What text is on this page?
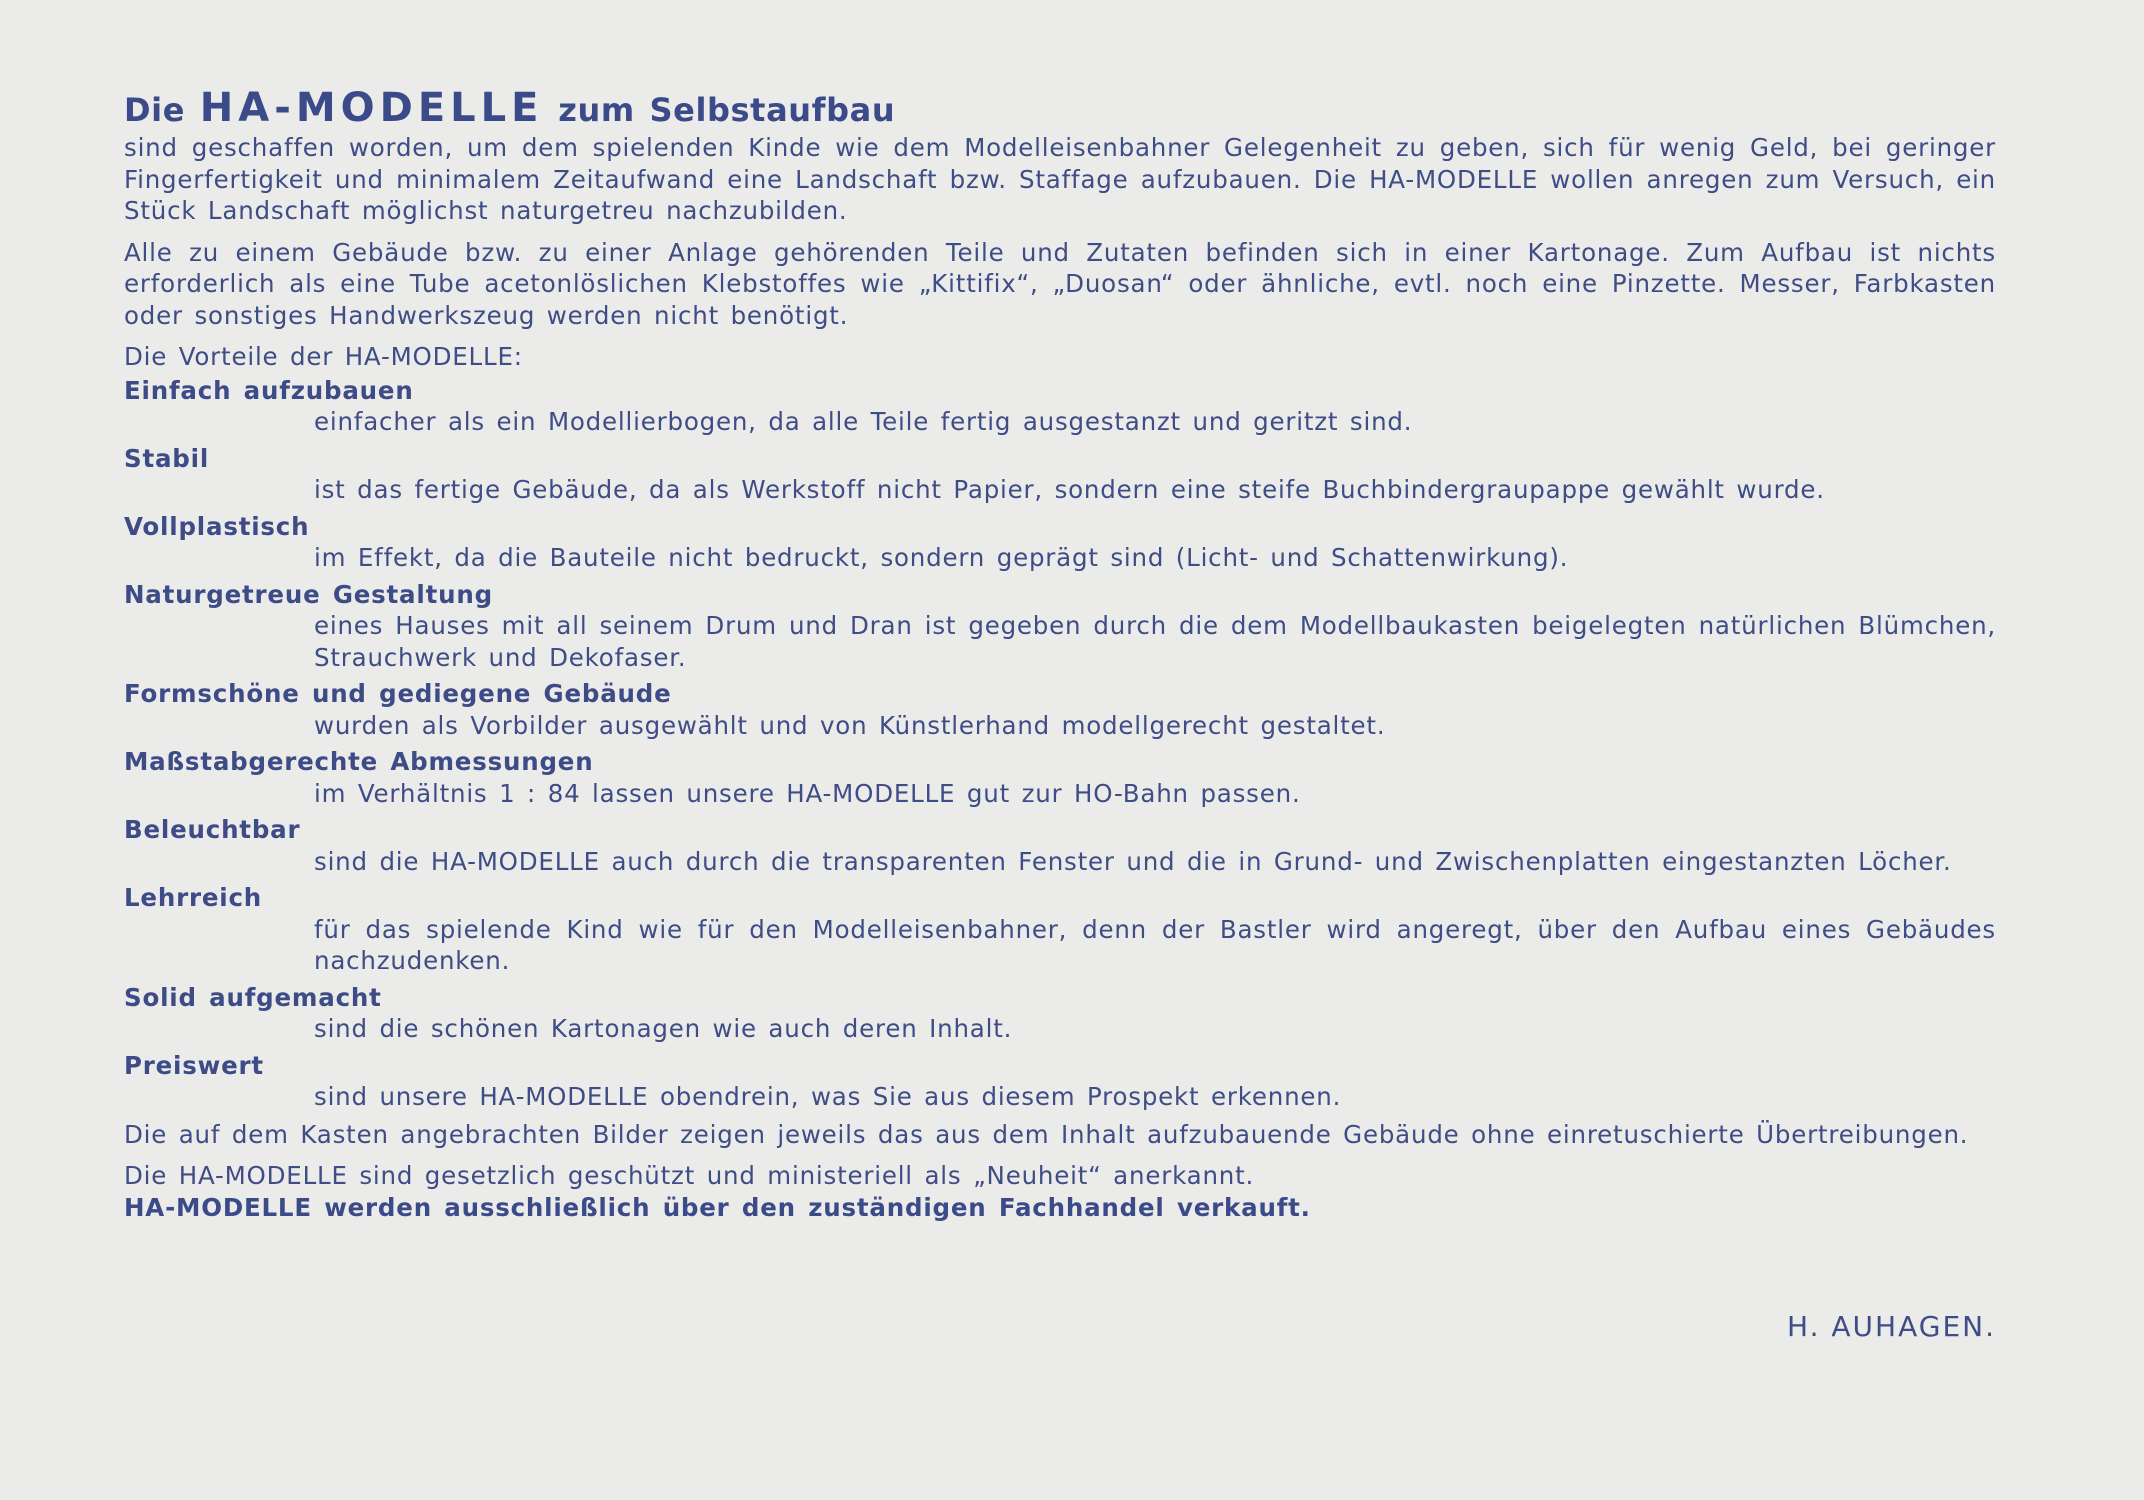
Die HA-MODELLE zum Selbstaufbau

sind geschaffen worden, um dem spielenden Kinde wie dem Modelleisenbahner Gelegenheit zu geben, sich für wenig Geld, bei geringer Fingerfertigkeit und minimalem Zeitaufwand eine Landschaft bzw. Staffage aufzubauen. Die HA-MODELLE wollen anregen zum Versuch, ein Stück Landschaft möglichst naturgetreu nachzubilden.

Alle zu einem Gebäude bzw. zu einer Anlage gehörenden Teile und Zutaten befinden sich in einer Kartonage. Zum Aufbau ist nichts erforderlich als eine Tube acetonlöslichen Klebstoffes wie „Kittifix“, „Duosan“ oder ähnliche, evtl. noch eine Pinzette. Messer, Farbkasten oder sonstiges Handwerkszeug werden nicht benötigt.

Die Vorteile der HA-MODELLE:

Einfach aufzubauen

einfacher als ein Modellierbogen, da alle Teile fertig ausgestanzt und geritzt sind.

Stabil

ist das fertige Gebäude, da als Werkstoff nicht Papier, sondern eine steife Buchbindergraupappe gewählt wurde.

Vollplastisch

im Effekt, da die Bauteile nicht bedruckt, sondern geprägt sind (Licht- und Schattenwirkung).

Naturgetreue Gestaltung

eines Hauses mit all seinem Drum und Dran ist gegeben durch die dem Modellbaukasten beigelegten natürlichen Blümchen, Strauchwerk und Dekofaser.

Formschöne und gediegene Gebäude

wurden als Vorbilder ausgewählt und von Künstlerhand modellgerecht gestaltet.

Maßstabgerechte Abmessungen

im Verhältnis 1 : 84 lassen unsere HA-MODELLE gut zur HO-Bahn passen.

Beleuchtbar

sind die HA-MODELLE auch durch die transparenten Fenster und die in Grund- und Zwischenplatten eingestanzten Löcher.

Lehrreich

für das spielende Kind wie für den Modelleisenbahner, denn der Bastler wird angeregt, über den Aufbau eines Gebäudes nachzudenken.

Solid aufgemacht

sind die schönen Kartonagen wie auch deren Inhalt.

Preiswert

sind unsere HA-MODELLE obendrein, was Sie aus diesem Prospekt erkennen.

Die auf dem Kasten angebrachten Bilder zeigen jeweils das aus dem Inhalt aufzubauende Gebäude ohne einretuschierte Übertreibungen.

Die HA-MODELLE sind gesetzlich geschützt und ministeriell als „Neuheit“ anerkannt.

HA-MODELLE werden ausschließlich über den zuständigen Fachhandel verkauft.

H. AUHAGEN.
